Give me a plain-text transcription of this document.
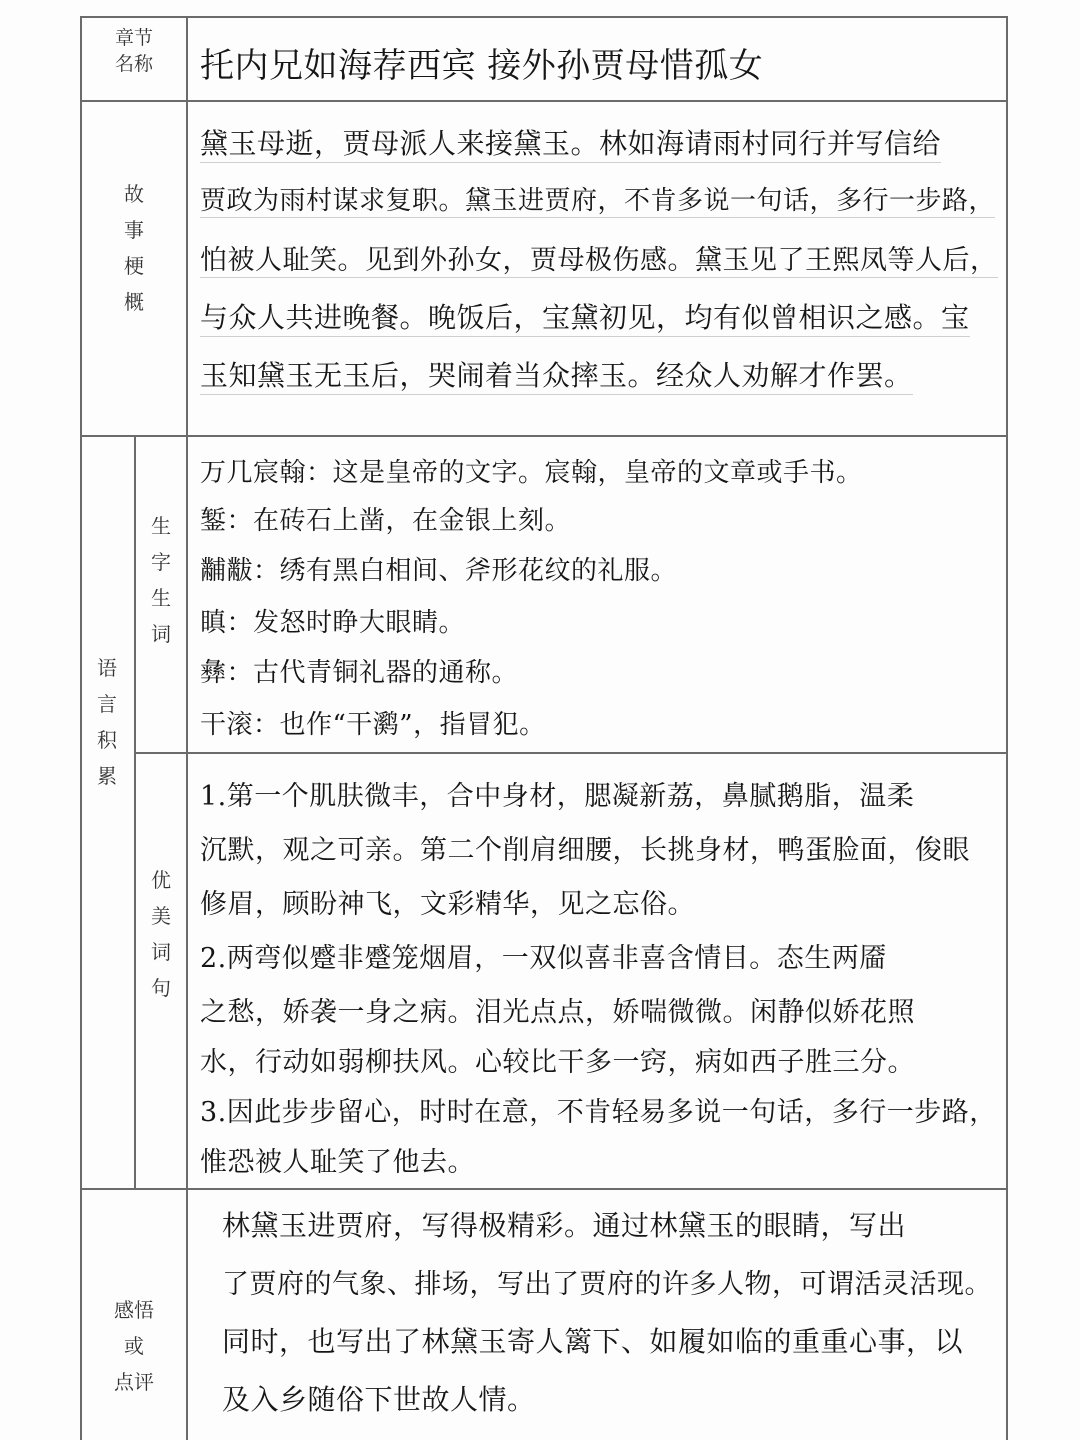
章节
名称	托内兄如海荐西宾 接外孙贾母惜孤女
故
事
梗
概
黛玉母逝，贾母派人来接黛玉。林如海请雨村同行并写信给
贾政为雨村谋求复职。黛玉进贾府，不肯多说一句话，多行一步路，
怕被人耻笑。见到外孙女，贾母极伤感。黛玉见了王熙凤等人后，
与众人共进晚餐。晚饭后，宝黛初见，均有似曾相识之感。宝
玉知黛玉无玉后，哭闹着当众摔玉。经众人劝解才作罢。
语
言
积
累
生
字
生
词
万几宸翰：这是皇帝的文字。宸翰，皇帝的文章或手书。
錾：在砖石上凿，在金银上刻。
黼黻：绣有黑白相间、斧形花纹的礼服。
瞋：发怒时睁大眼睛。
彝：古代青铜礼器的通称。
干滚：也作“干㶉”，指冒犯。
优
美
词
句
1.第一个肌肤微丰，合中身材，腮凝新荔，鼻腻鹅脂，温柔
沉默，观之可亲。第二个削肩细腰，长挑身材，鸭蛋脸面，俊眼
修眉，顾盼神飞，文彩精华，见之忘俗。
2.两弯似蹙非蹙笼烟眉，一双似喜非喜含情目。态生两靥
之愁，娇袭一身之病。泪光点点，娇喘微微。闲静似娇花照
水，行动如弱柳扶风。心较比干多一窍，病如西子胜三分。
3.因此步步留心，时时在意，不肯轻易多说一句话，多行一步路，
惟恐被人耻笑了他去。
感悟
或
点评
林黛玉进贾府，写得极精彩。通过林黛玉的眼睛，写出
了贾府的气象、排场，写出了贾府的许多人物，可谓活灵活现。
同时，也写出了林黛玉寄人篱下、如履如临的重重心事，以
及入乡随俗下世故人情。
